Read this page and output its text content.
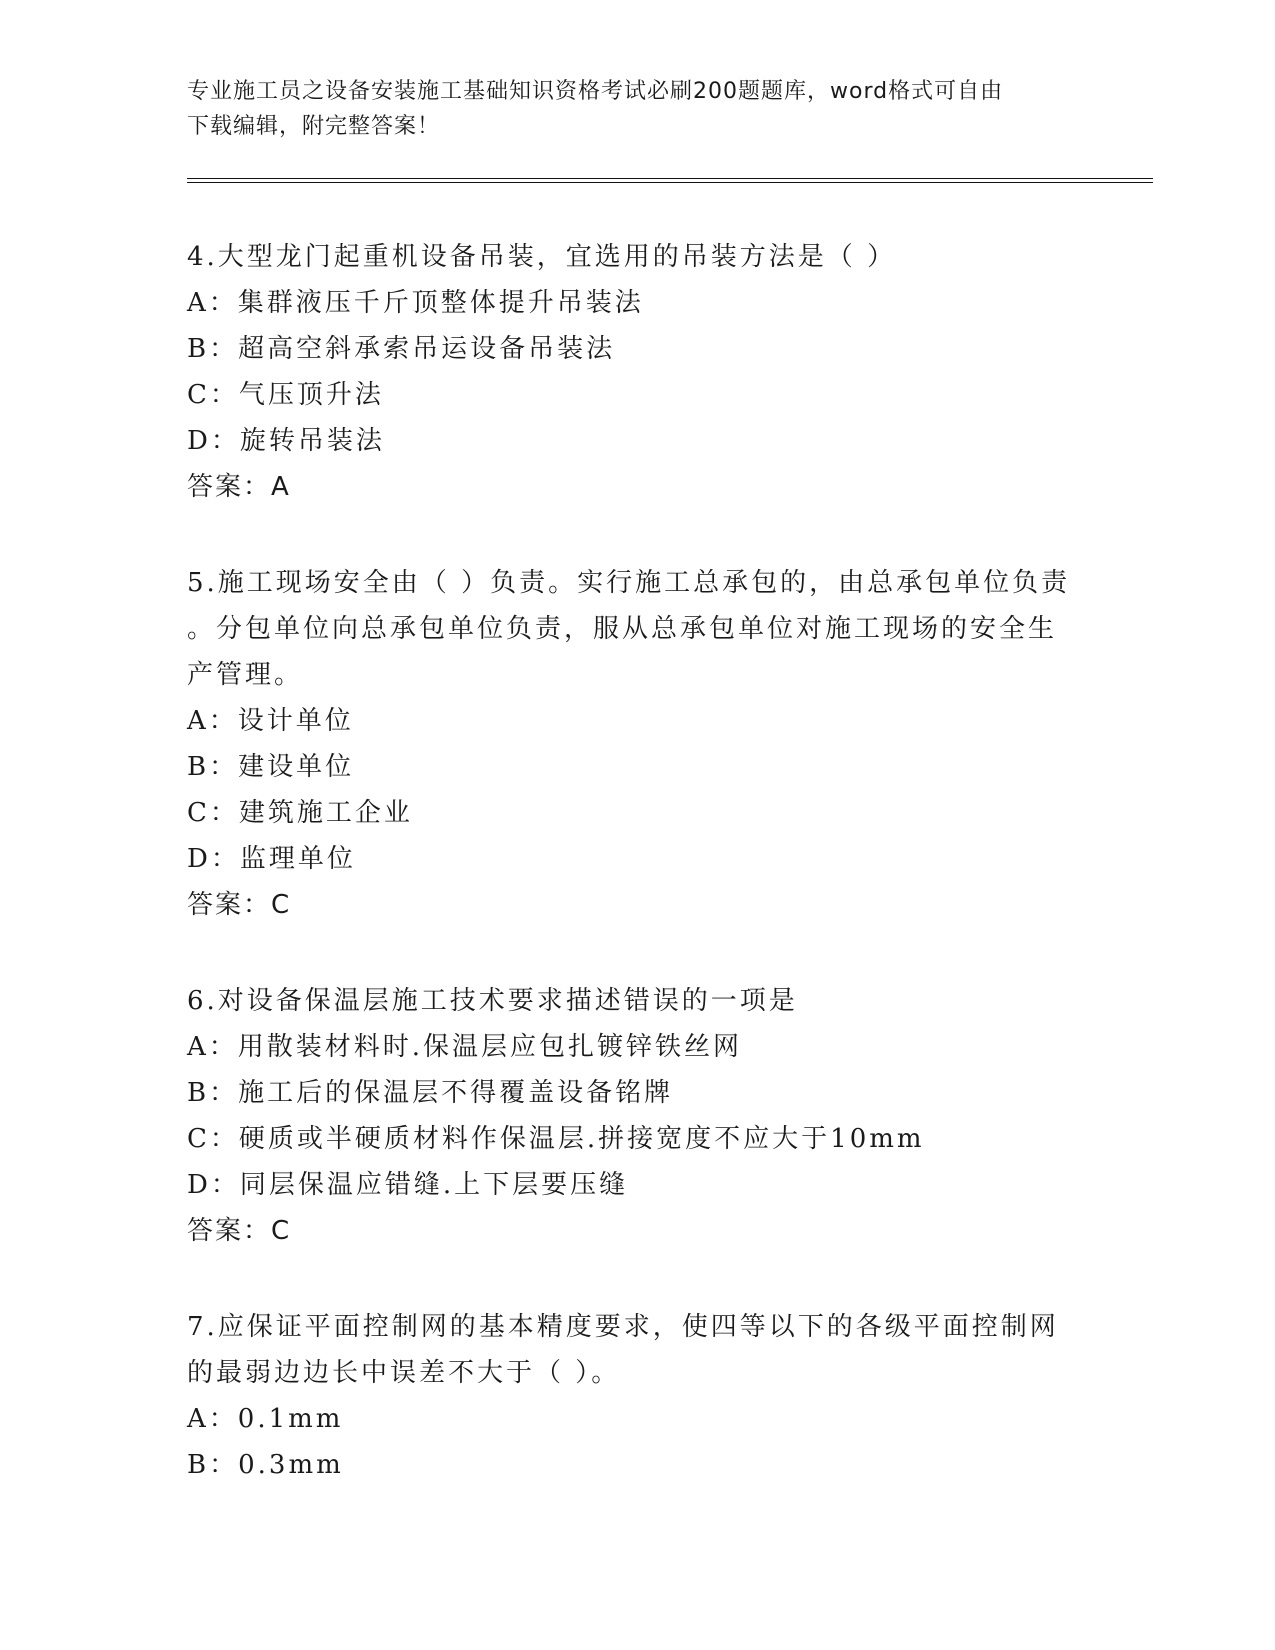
专业施工员之设备安装施工基础知识资格考试必刷200题题库，word格式可自由
下载编辑，附完整答案！
4.大型龙门起重机设备吊装，宜选用的吊装方法是（ ）
A：集群液压千斤顶整体提升吊装法
B：超高空斜承索吊运设备吊装法
C：气压顶升法
D：旋转吊装法
答案：A
5.施工现场安全由（ ）负责。实行施工总承包的，由总承包单位负责
。分包单位向总承包单位负责，服从总承包单位对施工现场的安全生
产管理。
A：设计单位
B：建设单位
C：建筑施工企业
D：监理单位
答案：C
6.对设备保温层施工技术要求描述错误的一项是
A：用散装材料时.保温层应包扎镀锌铁丝网
B：施工后的保温层不得覆盖设备铭牌
C：硬质或半硬质材料作保温层.拼接宽度不应大于10mm
D：同层保温应错缝.上下层要压缝
答案：C
7.应保证平面控制网的基本精度要求，使四等以下的各级平面控制网
的最弱边边长中误差不大于（ ）。
A：0.1mm
B：0.3mm
